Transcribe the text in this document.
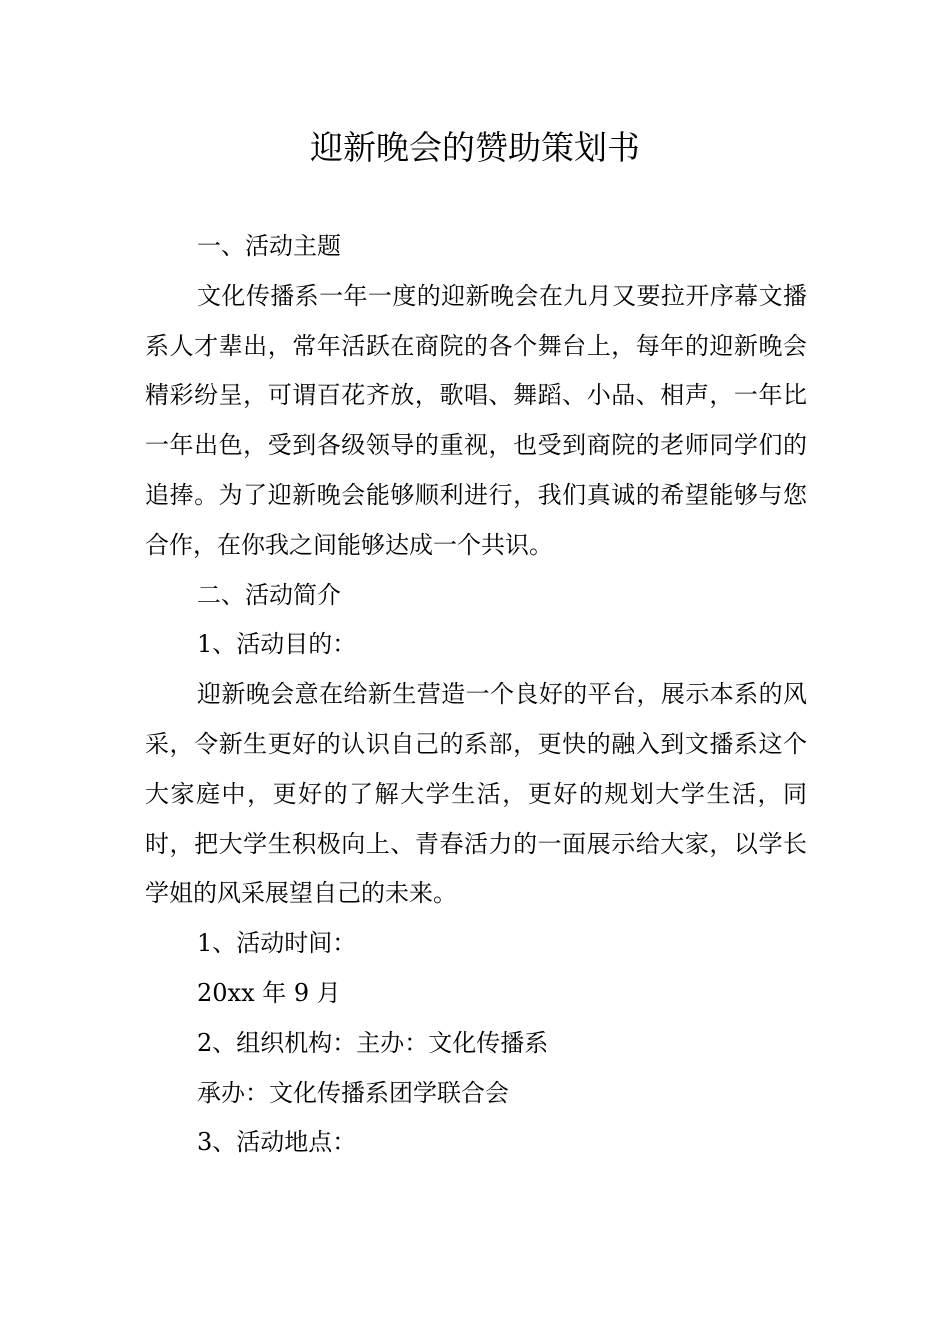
迎新晚会的赞助策划书

一、活动主题

文化传播系一年一度的迎新晚会在九月又要拉开序幕文播系人才辈出，常年活跃在商院的各个舞台上，每年的迎新晚会精彩纷呈，可谓百花齐放，歌唱、舞蹈、小品、相声，一年比一年出色，受到各级领导的重视，也受到商院的老师同学们的追捧。为了迎新晚会能够顺利进行，我们真诚的希望能够与您合作，在你我之间能够达成一个共识。

二、活动简介

1、活动目的：

迎新晚会意在给新生营造一个良好的平台，展示本系的风采，令新生更好的认识自己的系部，更快的融入到文播系这个大家庭中，更好的了解大学生活，更好的规划大学生活，同时，把大学生积极向上、青春活力的一面展示给大家，以学长学姐的风采展望自己的未来。

1、活动时间：

20xx 年 9 月

2、组织机构：主办：文化传播系

承办：文化传播系团学联合会

3、活动地点：
